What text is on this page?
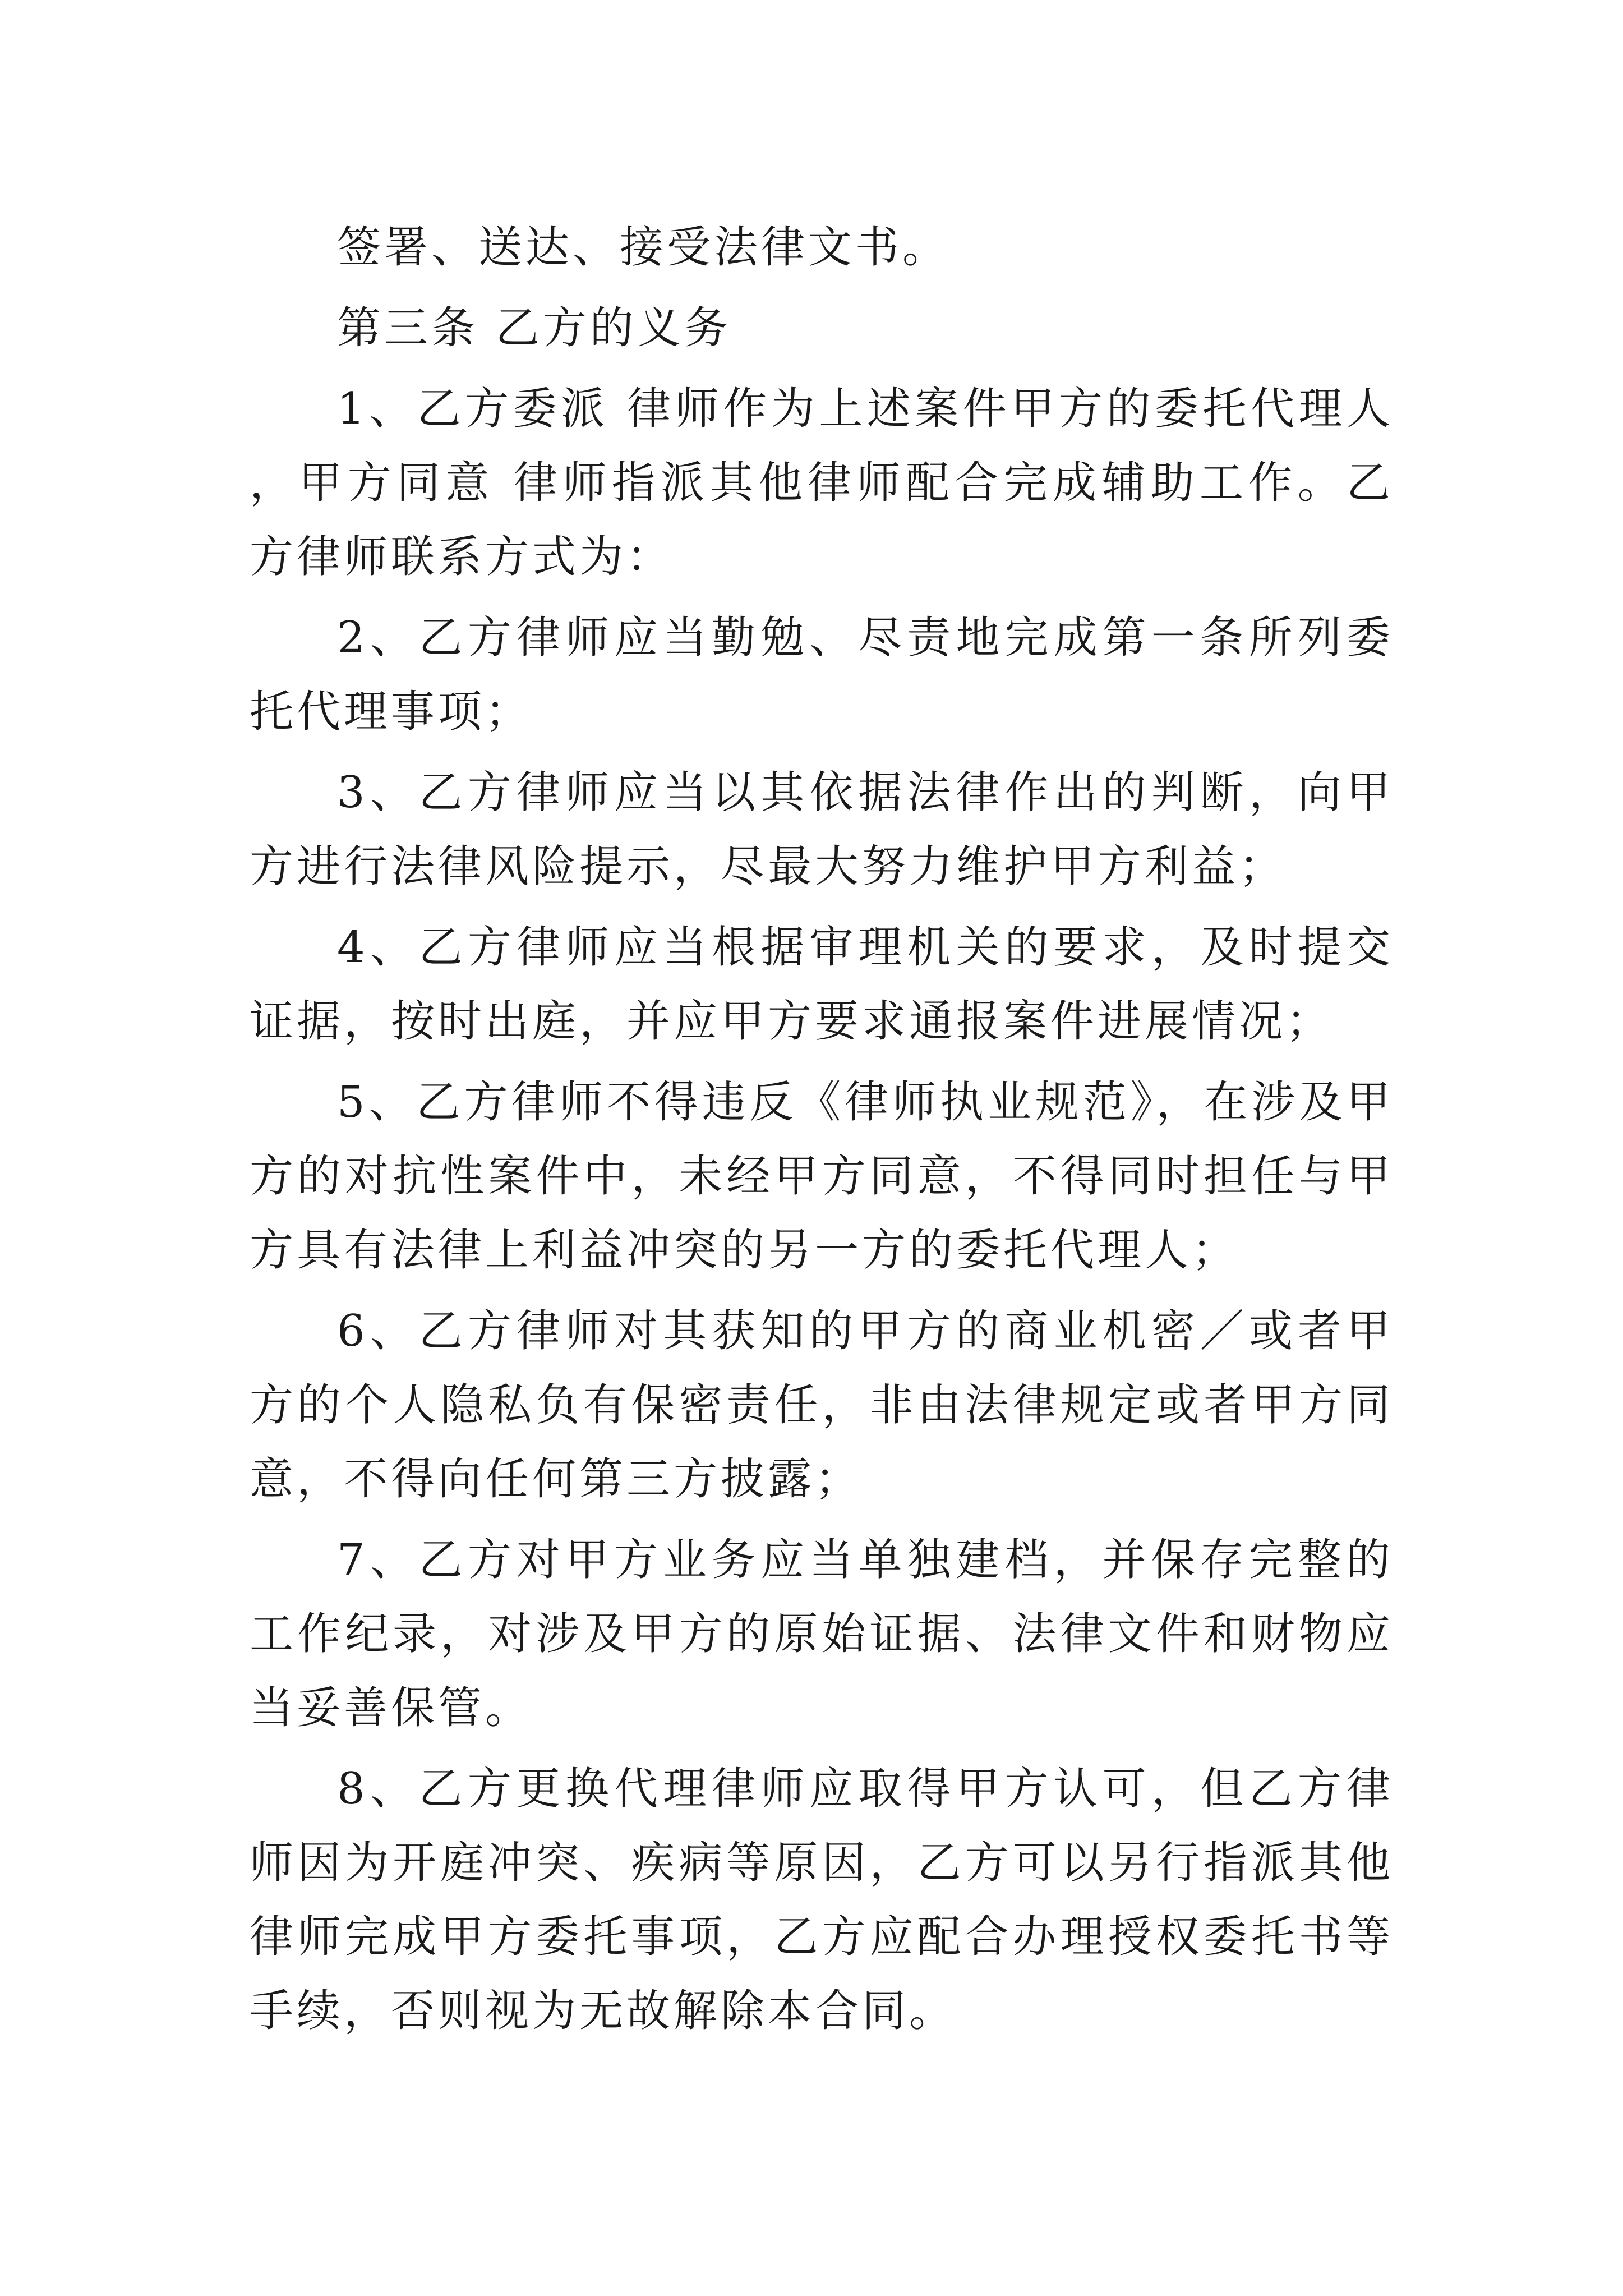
签署、送达、接受法律文书。

第三条 乙方的义务

1、乙方委派 律师作为上述案件甲方的委托代理人，甲方同意 律师指派其他律师配合完成辅助工作。乙方律师联系方式为：

2、乙方律师应当勤勉、尽责地完成第一条所列委托代理事项；

3、乙方律师应当以其依据法律作出的判断，向甲方进行法律风险提示，尽最大努力维护甲方利益；

4、乙方律师应当根据审理机关的要求，及时提交证据，按时出庭，并应甲方要求通报案件进展情况；

5、乙方律师不得违反《律师执业规范》，在涉及甲方的对抗性案件中，未经甲方同意，不得同时担任与甲方具有法律上利益冲突的另一方的委托代理人；

6、乙方律师对其获知的甲方的商业机密／或者甲方的个人隐私负有保密责任，非由法律规定或者甲方同意，不得向任何第三方披露；

7、乙方对甲方业务应当单独建档，并保存完整的工作纪录，对涉及甲方的原始证据、法律文件和财物应当妥善保管。

8、乙方更换代理律师应取得甲方认可，但乙方律师因为开庭冲突、疾病等原因，乙方可以另行指派其他律师完成甲方委托事项，乙方应配合办理授权委托书等手续，否则视为无故解除本合同。
